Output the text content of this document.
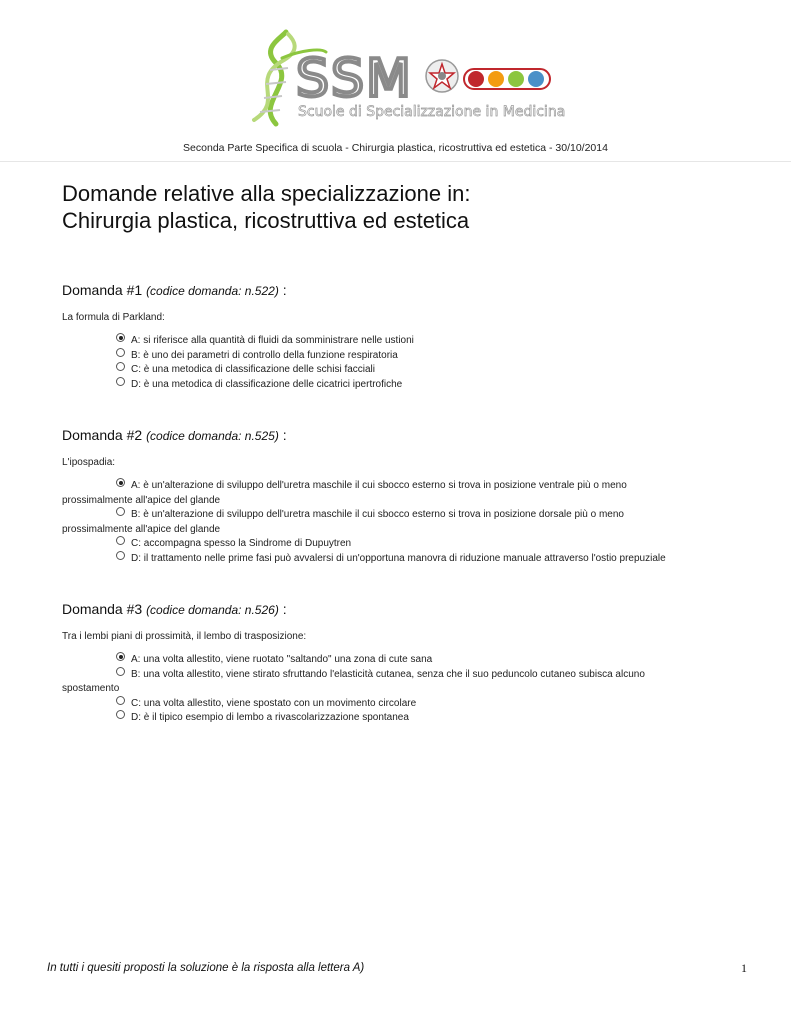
SSM
Scuole di Specializzazione in Medicina
Seconda Parte Specifica di scuola - Chirurgia plastica, ricostruttiva ed estetica - 30/10/2014
Domande relative alla specializzazione in:
Chirurgia plastica, ricostruttiva ed estetica
Domanda #1 (codice domanda: n.522) :
La formula di Parkland:
A: si riferisce alla quantità di fluidi da somministrare nelle ustioni
B: è uno dei parametri di controllo della funzione respiratoria
C: è una metodica di classificazione delle schisi facciali
D: è una metodica di classificazione delle cicatrici ipertrofiche
Domanda #2 (codice domanda: n.525) :
L'ipospadia:
A: è un'alterazione di sviluppo dell'uretra maschile il cui sbocco esterno si trova in posizione ventrale più o meno
prossimalmente all'apice del glande
B: è un'alterazione di sviluppo dell'uretra maschile il cui sbocco esterno si trova in posizione dorsale più o meno
prossimalmente all'apice del glande
C: accompagna spesso la Sindrome di Dupuytren
D: il trattamento nelle prime fasi può avvalersi di un'opportuna manovra di riduzione manuale attraverso l'ostio prepuziale
Domanda #3 (codice domanda: n.526) :
Tra i lembi piani di prossimità, il lembo di trasposizione:
A: una volta allestito, viene ruotato "saltando" una zona di cute sana
B: una volta allestito, viene stirato sfruttando l'elasticità cutanea, senza che il suo peduncolo cutaneo subisca alcuno
spostamento
C: una volta allestito, viene spostato con un movimento circolare
D: è il tipico esempio di lembo a rivascolarizzazione spontanea
In tutti i quesiti proposti la soluzione è la risposta alla lettera A)	1
